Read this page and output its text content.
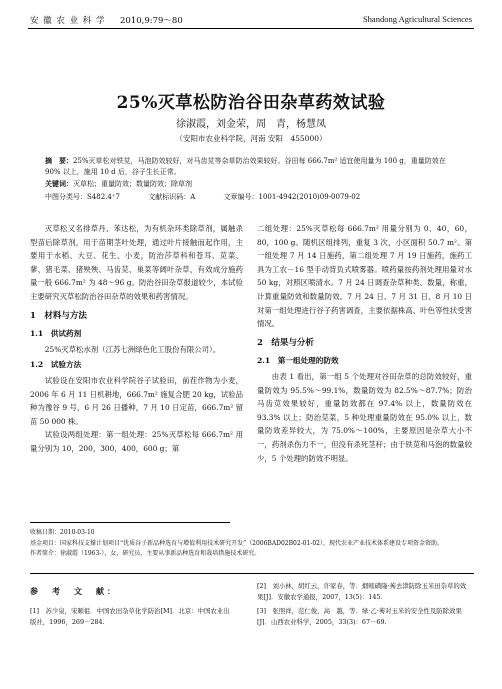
安 徽 农 业 科 学 2010,9:79～80	Shandong Agricultural Sciences
25%灭草松防治谷田杂草药效试验
徐淑霞，刘金荣，周　青，杨慧凤
（安阳市农业科学院，河南 安阳　455000）
摘　要：25%灭草松对铁苋，马泡防效较好，对马齿苋等杂草防治效果较好。谷田每 666.7m² 适宜使用量为 100 g，重量防效在 90% 以上，施用 10 d 后，谷子生长正常。
关键词：灭草松；重量防效；数量防效；除草剂
中图分类号：S482.4⁺7	文献标识码：A	文章编号：1001-4942(2010)09-0079-02

灭草松又名排草丹、苯达松，为有机杂环类除草剂，属触杀型苗后除草剂，用于苗期茎叶处理，通过叶片接触而起作用，主要用于水稻、大豆、花生、小麦，防治莎草科和苍耳、苋菜、蓼、猪毛菜、猪殃殃、马齿苋、巢菜等阔叶杂草，有效成分施药量一般 666.7m² 为 48～96 g。防治谷田杂草报道较少，本试验主要研究灭草松防治谷田杂草的效果和药害情况。

1　材料与方法
1.1　供试药剂

25%灭草松水剂（江苏七洲绿色化工股份有限公司）。

1.2　试验方法

试验设在安阳市农业科学院谷子试验田，前茬作物为小麦，2006 年 6 月 11 日机耕地，666.7m² 施复合肥 20 kg，试验品种为豫谷 9 号，6 月 26 日播种，7 月 10 日定苗，666.7m² 留苗 50 000 株。

试验设两组处理：第一组处理：25%灭草松每 666.7m² 用量分别为 10，200，300，400，600 g；第

二组处理：25%灭草松每 666.7m² 用量分别为 0、40，60，80，100 g。随机区组排列，重复 3 次，小区面积 50.7 m²。第一组处理 7 月 14 日施药，第二组处理 7 月 19 日施药，施药工具为工农－16 型手动背负式喷雾器。喷药量按药剂处理用量对水 50 kg，对照区喷清水。7 月 24 日调查杂草种类、数量，称重，计算重量防效和数量防效。7 月 24 日、7 月 31 日、8 月 10 日对第一组处理进行谷子药害调查，主要依据株高、叶色等性状受害情况。

2　结果与分析
2.1　第一组处理的防效

由表 1 看出，第一组 5 个处理对谷田杂草的总防效较好，重量防效为 95.5%～99.1%，数量防效为 82.5%～87.7%；防治马齿苋效果较好，重量防效都在 97.4% 以上，数量防效在 93.3% 以上；防治苋菜，5 种处理重量防效在 95.0% 以上，数量防效差异较大，为 75.0%～100%，主要原因是杂草大小不一，药剂杀伤力不一，但没有杀死茎秆；由于铁苋和马泡的数量较少，5 个处理的防效不明显。

收稿日期：2010-03-10
基金项目：国家科技支撑计划项目“优质谷子新品种选育与增值利用技术研究开发”（2006BAD02B02-01-02），现代农业产业技术体系建设专项资金资助。
作者简介：徐淑霞（1963-），女，研究员，主要从事新品种选育和栽培措施技术研究。
参　考　文　献：
[1]　苏少泉，宋顺祖．中国农田杂草化学防治[M]．北京：中国农业出版社，1996，269－284.
[2]　刘小林，胡红云，许家春，等．烟嘧磺隆·莠去津防除玉米田杂草的效果[J]．安徽农学通报，2007，13(5)：145.
[3]　张照祥，范仁俊，高　越，等．绿·乙·莠对玉米的安全性及防除效果[J]．山西农业科学，2005，33(3)：67－69.
